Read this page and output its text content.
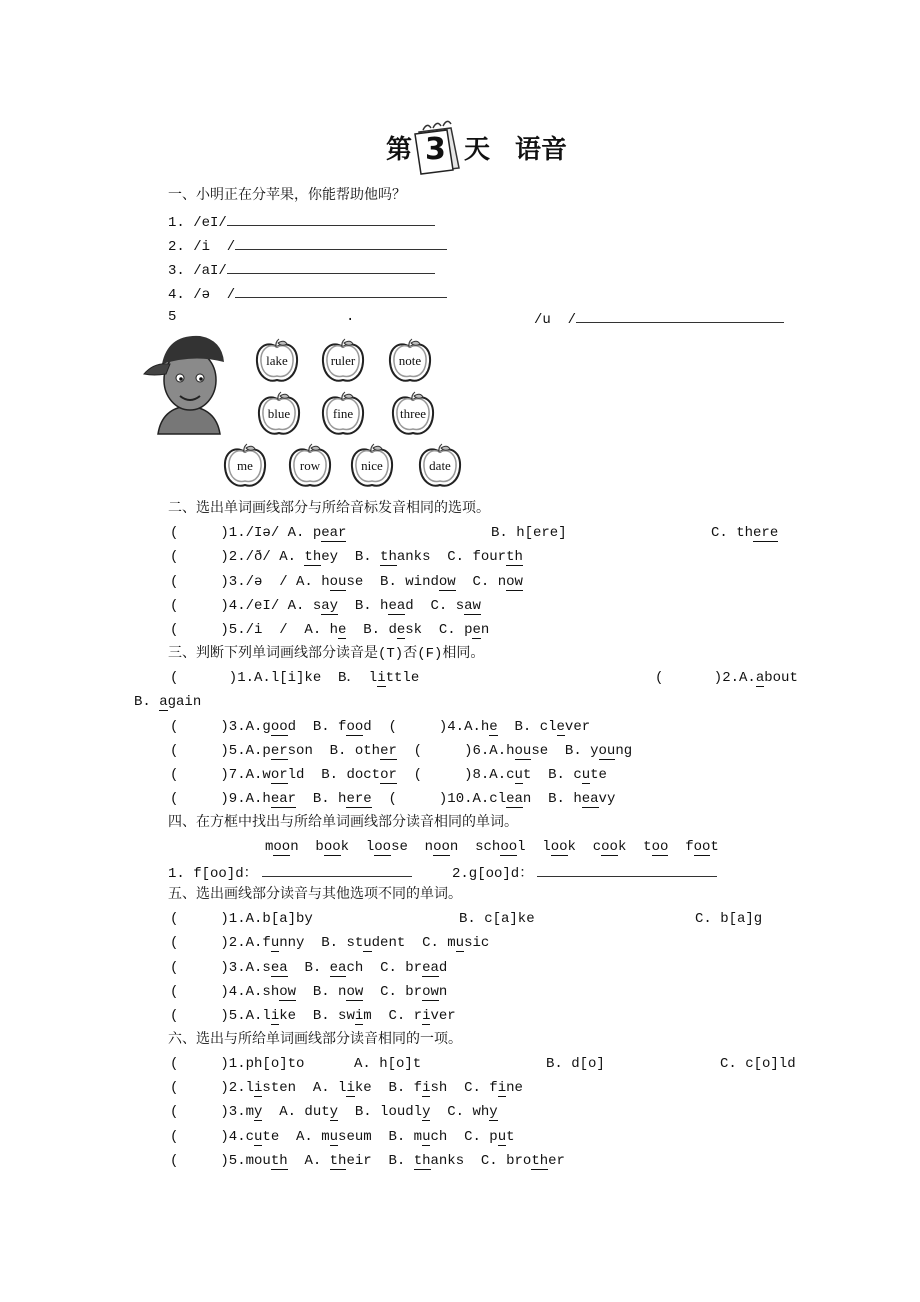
第 3 天 语音
一、小明正在分苹果，你能帮助他吗？
1. /eI/
2. /i  /
3. /aI/
4. /ə  /
5	.	/u  /
lake	ruler	note
blue	fine	three
me	row	nice	date
二、选出单词画线部分与所给音标发音相同的选项。
(     )1./Iə/ A. pear	B. h[ere]	C. there
(     )2./ð/ A. they  B. thanks  C. fourth
(     )3./ə  / A. house  B. window  C. now
(     )4./eI/ A. say  B. head  C. saw
(     )5./i  /  A. he  B. desk  C. pen
三、判断下列单词画线部分读音是(T)否(F)相同。
(      )1.A.l[i]ke B． little	(      )2.A.about
B. again
(     )3.A.good  B. food  (     )4.A.he  B. clever
(     )5.A.person  B. other  (     )6.A.house  B. young
(     )7.A.world  B. doctor  (     )8.A.cut  B. cute
(     )9.A.hear  B. here  (     )10.A.clean  B. heavy
四、在方框中找出与所给单词画线部分读音相同的单词。
moon  book  loose  noon  school  look  cook  too  foot
1. f[oo]d：	2.g[oo]d：
五、选出画线部分读音与其他选项不同的单词。
(     )1.A.b[a]by	B. c[a]ke	C. b[a]g
(     )2.A.funny  B. student  C. music
(     )3.A.sea  B. each  C. bread
(     )4.A.show  B. now  C. brown
(     )5.A.like  B. swim  C. river
六、选出与所给单词画线部分读音相同的一项。
(     )1.ph[o]to	A. h[o]t	B. d[o]	C. c[o]ld
(     )2.listen  A. like  B. fish  C. fine
(     )3.my  A. duty  B. loudly  C. why
(     )4.cute  A. museum  B. much  C. put
(     )5.mouth  A. their  B. thanks  C. brother
